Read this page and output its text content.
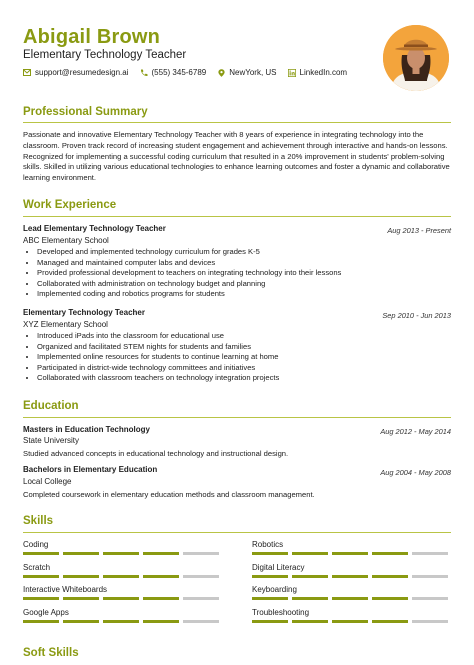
Abigail Brown
Elementary Technology Teacher
support@resumedesign.ai	(555) 345-6789	NewYork, US	LinkedIn.com
Professional Summary
Passionate and innovative Elementary Technology Teacher with 8 years of experience in integrating technology into the classroom. Proven track record of increasing student engagement and achievement through interactive and hands-on lessons. Recognized for implementing a successful coding curriculum that resulted in a 20% improvement in students' problem-solving skills. Skilled in utilizing various educational technologies to enhance learning outcomes and foster a dynamic and collaborative learning environment.
Work Experience
Lead Elementary Technology Teacher	Aug 2013 - Present
ABC Elementary School
• Developed and implemented technology curriculum for grades K-5
• Managed and maintained computer labs and devices
• Provided professional development to teachers on integrating technology into their lessons
• Collaborated with administration on technology budget and planning
• Implemented coding and robotics programs for students
Elementary Technology Teacher	Sep 2010 - Jun 2013
XYZ Elementary School
• Introduced iPads into the classroom for educational use
• Organized and facilitated STEM nights for students and families
• Implemented online resources for students to continue learning at home
• Participated in district-wide technology committees and initiatives
• Collaborated with classroom teachers on technology integration projects
Education
Masters in Education Technology	Aug 2012 - May 2014
State University
Studied advanced concepts in educational technology and instructional design.
Bachelors in Elementary Education	Aug 2004 - May 2008
Local College
Completed coursework in elementary education methods and classroom management.
Skills
Coding	Robotics
Scratch	Digital Literacy
Interactive Whiteboards	Keyboarding
Google Apps	Troubleshooting
Soft Skills
